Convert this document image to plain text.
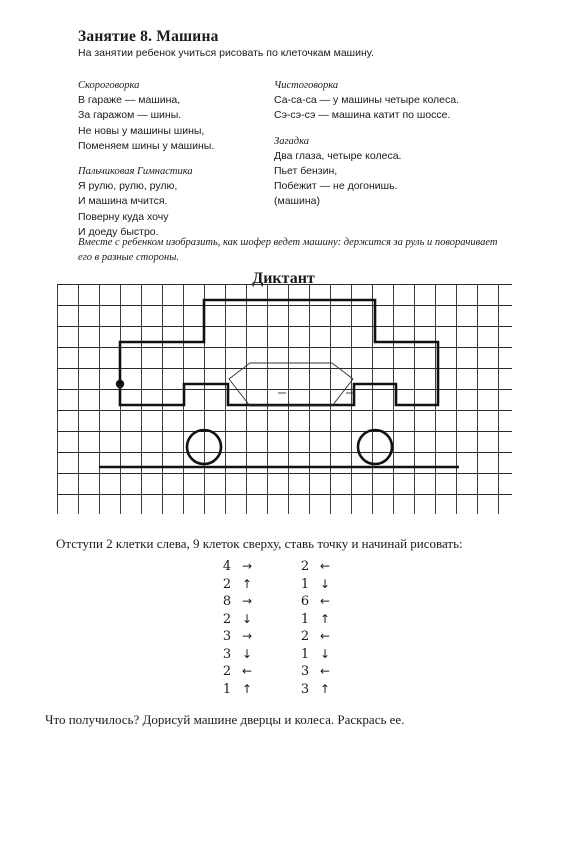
Занятие 8. Машина
На занятии ребенок учиться рисовать по клеточкам машину.
Скороговорка
В гараже — машина,
За гаражом — шины.
Не новы у машины шины,
Поменяем шины у машины.
Пальчиковая Гимнастика
Я рулю, рулю, рулю,
И машина мчится.
Поверну куда хочу
И доеду быстро.
Чистоговорка
Са-са-са — у машины четыре колеса.
Сэ-сэ-сэ — машина катит по шоссе.
Загадка
Два глаза, четыре колеса.
Пьет бензин,
Побежит — не догонишь.
(машина)
Вместе с ребенком изобразить, как шофер ведет машину: держится за руль и поворачивает его в разные стороны.
Диктант
Отступи 2 клетки слева, 9 клеток сверху, ставь точку и начинай рисовать:
4 →
2 ↑
8 →
2 ↓
3 →
3 ↓
2 ←
1 ↑
2 ←
1 ↓
6 ←
1 ↑
2 ←
1 ↓
3 ←
3 ↑
Что получилось? Дорисуй машине дверцы и колеса. Раскрась ее.
